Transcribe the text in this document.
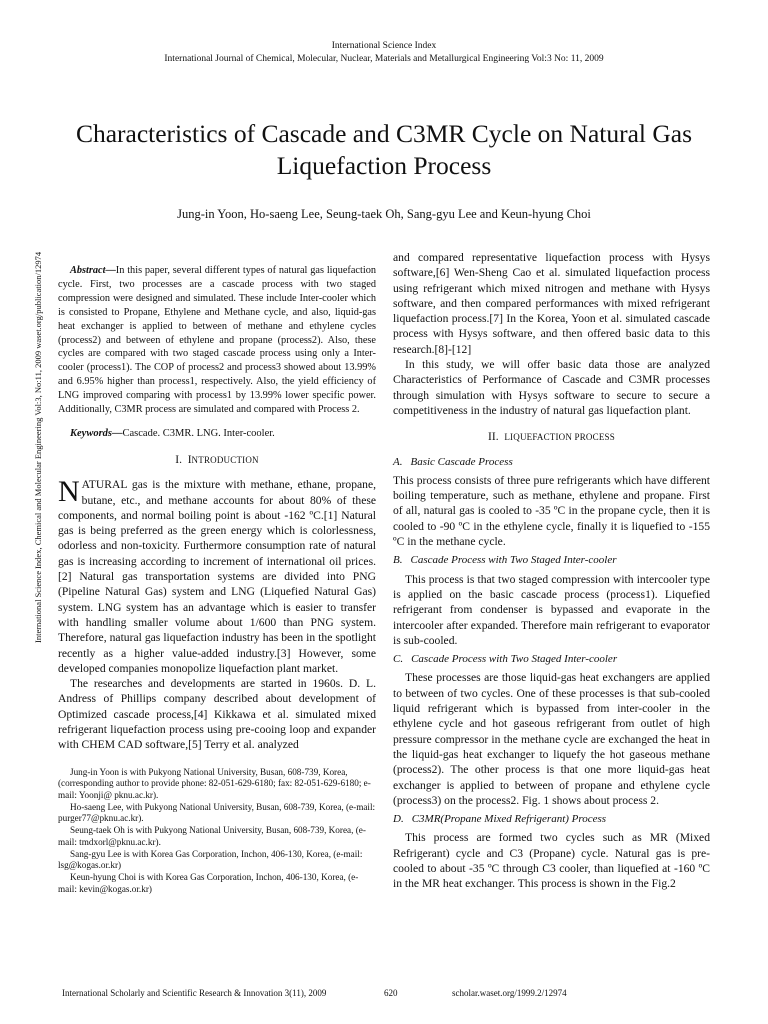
International Science Index
International Journal of Chemical, Molecular, Nuclear, Materials and Metallurgical Engineering Vol:3 No: 11, 2009
Characteristics of Cascade and C3MR Cycle on Natural Gas Liquefaction Process
Jung-in Yoon, Ho-saeng Lee, Seung-taek Oh, Sang-gyu Lee and Keun-hyung Choi
International Science Index, Chemical and Molecular Engineering Vol:3, No:11, 2009 waset.org/publication/12974	Abstract—In this paper, several different types of natural gas liquefaction cycle. First, two processes are a cascade process with two staged compression were designed and simulated. These include Inter-cooler which is consisted to Propane, Ethylene and Methane cycle, and also, liquid-gas heat exchanger is applied to between of methane and ethylene cycles (process2) and between of ethylene and propane (process2). Also, these cycles are compared with two staged cascade process using only a Inter-cooler (process1). The COP of process2 and process3 showed about 13.99% and 6.95% higher than process1, respectively. Also, the yield efficiency of LNG improved comparing with process1 by 13.99% lower specific power. Additionally, C3MR process are simulated and compared with Process 2.

Keywords—Cascade. C3MR. LNG. Inter-cooler.

I. INTRODUCTION

NATURAL gas is the mixture with methane, ethane, propane, butane, etc., and methane accounts for about 80% of these components, and normal boiling point is about -162 ºC.[1] Natural gas is being preferred as the green energy which is colorlessness, odorless and non-toxicity. Furthermore consumption rate of natural gas is increasing according to increment of international oil prices.[2] Natural gas transportation systems are divided into PNG (Pipeline Natural Gas) system and LNG (Liquefied Natural Gas) system. LNG system has an advantage which is easier to transfer with handling smaller volume about 1/600 than PNG system. Therefore, natural gas liquefaction industry has been in the spotlight recently as a higher value-added industry.[3] However, some developed companies monopolize liquefaction plant market.

The researches and developments are started in 1960s. D. L. Andress of Phillips company described about development of Optimized cascade process,[4] Kikkawa et al. simulated mixed refrigerant liquefaction process using pre-cooing loop and expander with CHEM CAD software,[5] Terry et al. analyzed

Jung-in Yoon is with Pukyong National University, Busan, 608-739, Korea, (corresponding author to provide phone: 82-051-629-6180; fax: 82-051-629-6180; e-mail: Yoonji@ pknu.ac.kr).

Ho-saeng Lee, with Pukyong National University, Busan, 608-739, Korea, (e-mail: purger77@pknu.ac.kr).

Seung-taek Oh is with Pukyong National University, Busan, 608-739, Korea, (e-mail: tmdxorl@pknu.ac.kr).

Sang-gyu Lee is with Korea Gas Corporation, Inchon, 406-130, Korea, (e-mail: lsg@kogas.or.kr)

Keun-hyung Choi is with Korea Gas Corporation, Inchon, 406-130, Korea, (e-mail: kevin@kogas.or.kr)

and compared representative liquefaction process with Hysys software,[6] Wen-Sheng Cao et al. simulated liquefaction process using refrigerant which mixed nitrogen and methane with Hysys software, and then compared performances with mixed refrigerant liquefaction process.[7] In the Korea, Yoon et al. simulated cascade process with Hysys software, and then offered basic data to this research.[8]-[12]

In this study, we will offer basic data those are analyzed Characteristics of Performance of Cascade and C3MR processes through simulation with Hysys software to secure to secure a competitiveness in the industry of natural gas liquefaction plant.

II. LIQUEFACTION PROCESS

A. Basic Cascade Process

This process consists of three pure refrigerants which have different boiling temperature, such as methane, ethylene and propane. First of all, natural gas is cooled to -35 ºC in the propane cycle, then it is cooled to -90 ºC in the ethylene cycle, finally it is liquefied to -155 ºC in the methane cycle.

B. Cascade Process with Two Staged Inter-cooler

This process is that two staged compression with intercooler type is applied on the basic cascade process (process1). Liquefied refrigerant from condenser is bypassed and evaporate in the intercooler after expanded. Therefore main refrigerant to evaporator is sub-cooled.

C. Cascade Process with Two Staged Inter-cooler

These processes are those liquid-gas heat exchangers are applied to between of two cycles. One of these processes is that sub-cooled liquid refrigerant which is bypassed from inter-cooler in the ethylene cycle and hot gaseous refrigerant from outlet of high pressure compressor in the methane cycle are exchanged the heat in the liquid-gas heat exchanger to liquefy the hot gaseous methane (process2). The other process is that one more liquid-gas heat exchanger is applied to between of propane and ethylene cycle (process3) on the process2. Fig. 1 shows about process 2.

D. C3MR(Propane Mixed Refrigerant) Process

This process are formed two cycles such as MR (Mixed Refrigerant) cycle and C3 (Propane) cycle. Natural gas is pre-cooled to about -35 ºC through C3 cooler, than liquefied at -160 ºC in the MR heat exchanger. This process is shown in the Fig.2

International Scholarly and Scientific Research & Innovation 3(11), 2009	620	scholar.waset.org/1999.2/12974
